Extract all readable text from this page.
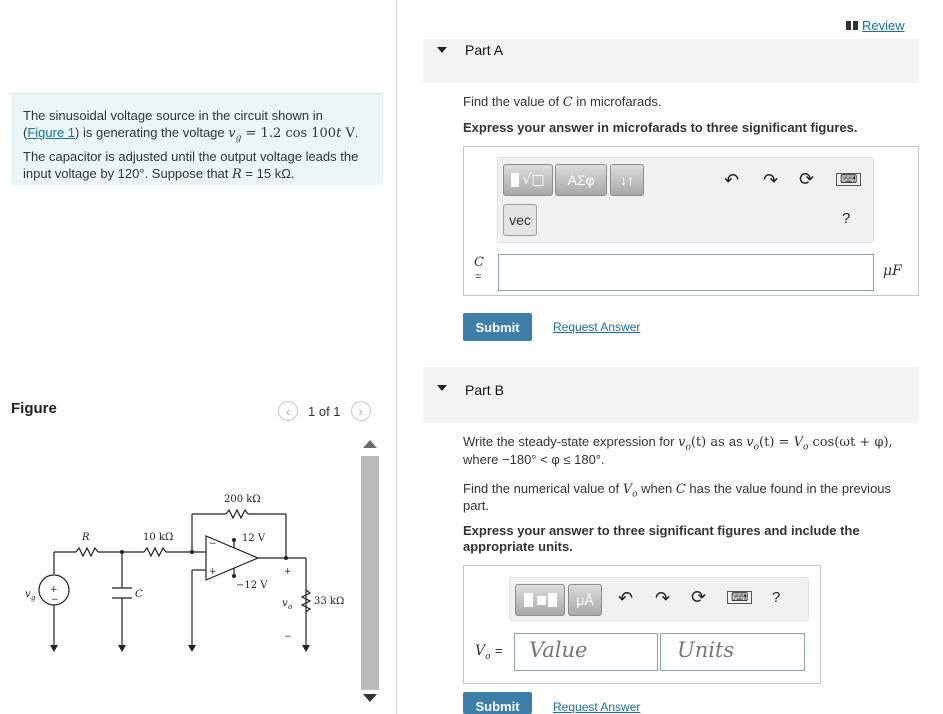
The sinusoidal voltage source in the circuit shown in
(Figure 1) is generating the voltage $v_g = 1.2$ cos 100t V.
The capacitor is adjusted until the output voltage leads the
input voltage by 120°. Suppose that R = 15 kΩ.
Figure	‹	1 of 1	›
200 kΩ
R	10 kΩ	12 V
−12 V
C
v g	v o 33 kΩ
+
−
+
−
−
+
Review
Part A
Find the value of C in microfarads.
Express your answer in microfarads to three significant figures.
√□	ΑΣφ	↓↑
vec
↶ ↷ ⟳	⌨
?
C
=	μF
Submit	Request Answer
Part B
Write the steady-state expression for $v_o(t)$ as as $v_o(t) = V_o$ cos(ωt + φ),
where −180° < φ ≤ 180°.
Find the numerical value of $V_o$ when C has the value found in the previous
part.
Express your answer to three significant figures and include the
appropriate units.
μÅ	↶ ↷ ⟳	⌨ ?
$V_o$ =	Value	Units
Submit	Request Answer
